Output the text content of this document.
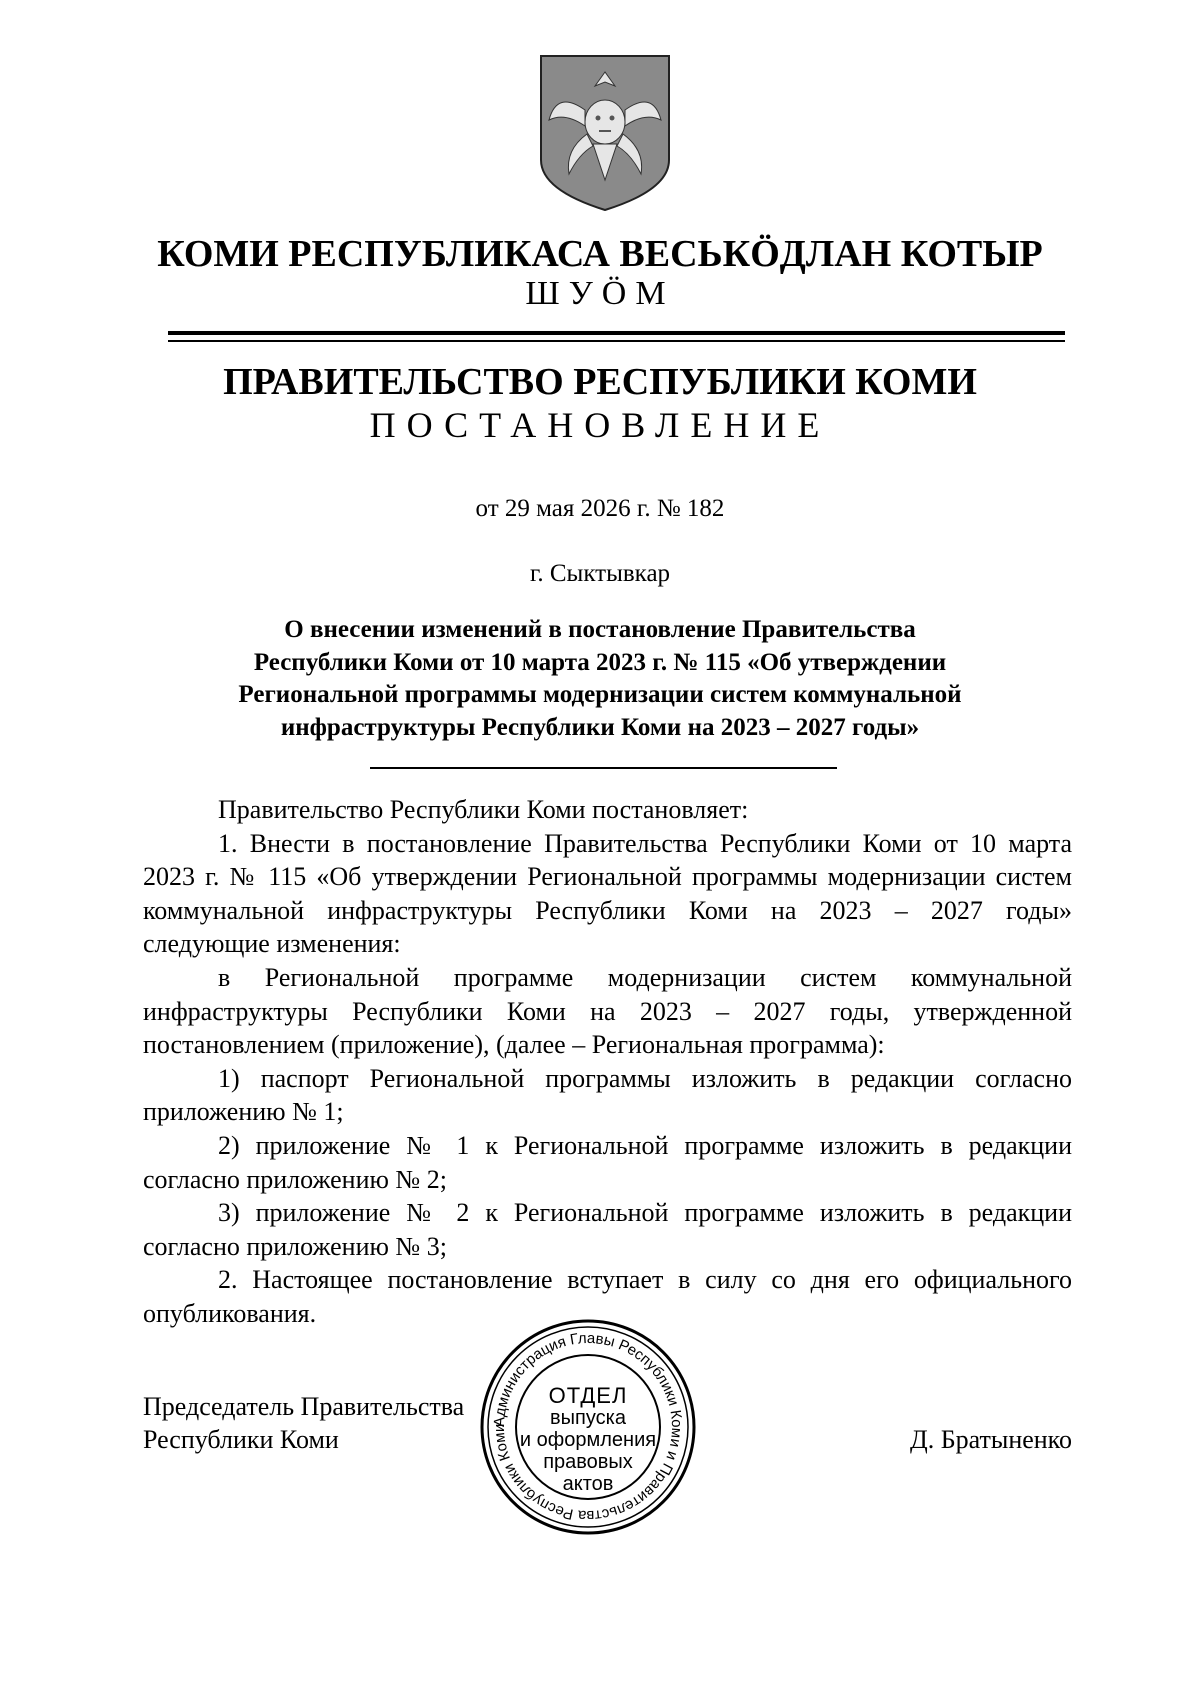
КОМИ РЕСПУБЛИКАСА ВЕСЬКӦДЛАН КОТЫР
ШУӦМ
ПРАВИТЕЛЬСТВО РЕСПУБЛИКИ КОМИ
ПОСТАНОВЛЕНИЕ
от 29 мая 2026 г. № 182
г. Сыктывкар
О внесении изменений в постановление Правительства
Республики Коми от 10 марта 2023 г. № 115 «Об утверждении
Региональной программы модернизации систем коммунальной
инфраструктуры Республики Коми на 2023 – 2027 годы»

Правительство Республики Коми постановляет:

1. Внести в постановление Правительства Республики Коми от 10 марта 2023 г. № 115 «Об утверждении Региональной программы модернизации систем коммунальной инфраструктуры Республики Коми на 2023 – 2027 годы» следующие изменения:

в Региональной программе модернизации систем коммунальной инфраструктуры Республики Коми на 2023 – 2027 годы, утвержденной постановлением (приложение), (далее – Региональная программа):

1) паспорт Региональной программы изложить в редакции согласно приложению № 1;

2) приложение № 1 к Региональной программе изложить в редакции согласно приложению № 2;

3) приложение № 2 к Региональной программе изложить в редакции согласно приложению № 3;

2. Настоящее постановление вступает в силу со дня его официального опубликования.

Председатель Правительства
Республики Коми	Д. Братыненко
Администрация Главы Республики Коми и Правительства Республики Коми ✱
ОТДЕЛ
выпуска
и оформления
правовых
актов
